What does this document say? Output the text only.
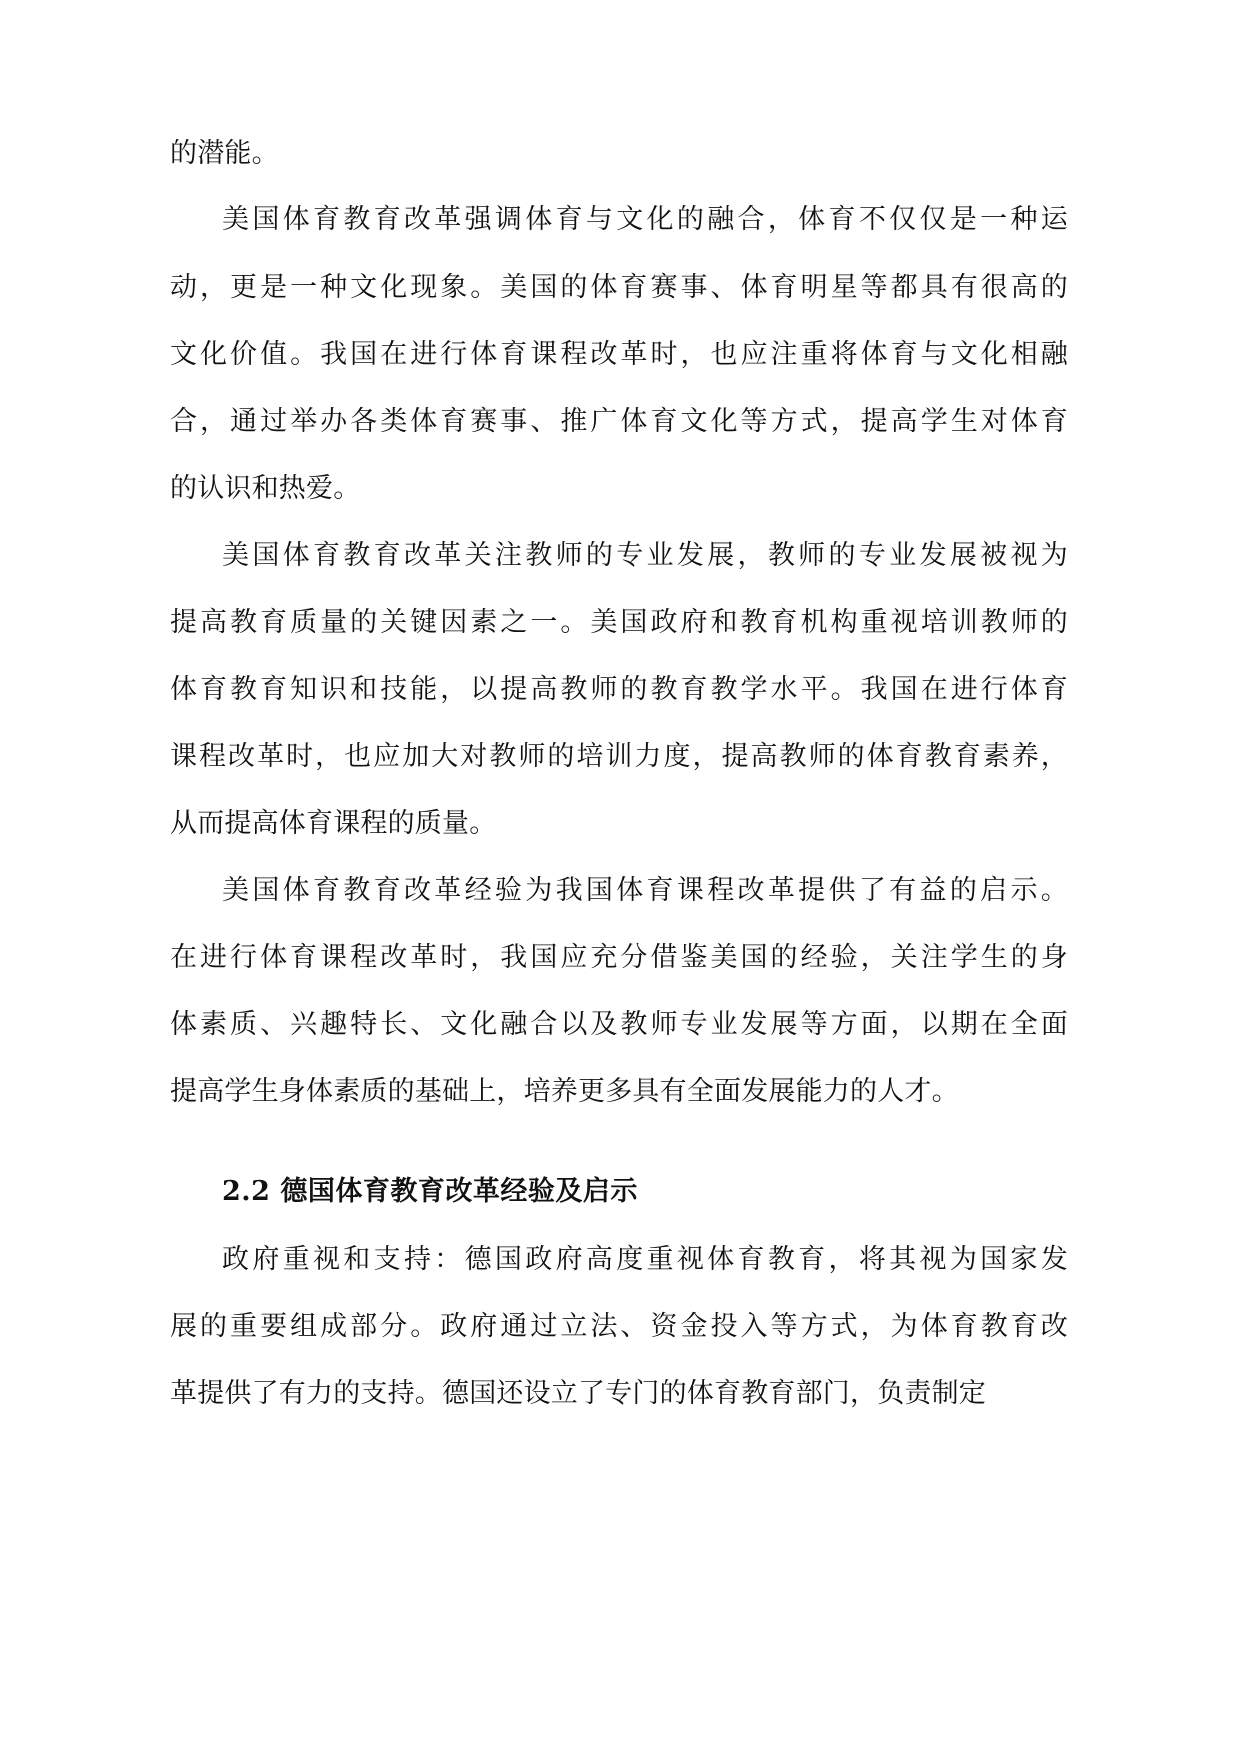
的潜能。
美国体育教育改革强调体育与文化的融合，体育不仅仅是一种运
动，更是一种文化现象。美国的体育赛事、体育明星等都具有很高的
文化价值。我国在进行体育课程改革时，也应注重将体育与文化相融
合，通过举办各类体育赛事、推广体育文化等方式，提高学生对体育
的认识和热爱。
美国体育教育改革关注教师的专业发展，教师的专业发展被视为
提高教育质量的关键因素之一。美国政府和教育机构重视培训教师的
体育教育知识和技能，以提高教师的教育教学水平。我国在进行体育
课程改革时，也应加大对教师的培训力度，提高教师的体育教育素养，
从而提高体育课程的质量。
美国体育教育改革经验为我国体育课程改革提供了有益的启示。
在进行体育课程改革时，我国应充分借鉴美国的经验，关注学生的身
体素质、兴趣特长、文化融合以及教师专业发展等方面，以期在全面
提高学生身体素质的基础上，培养更多具有全面发展能力的人才。
2.2 德国体育教育改革经验及启示
政府重视和支持：德国政府高度重视体育教育，将其视为国家发
展的重要组成部分。政府通过立法、资金投入等方式，为体育教育改
革提供了有力的支持。德国还设立了专门的体育教育部门，负责制定
